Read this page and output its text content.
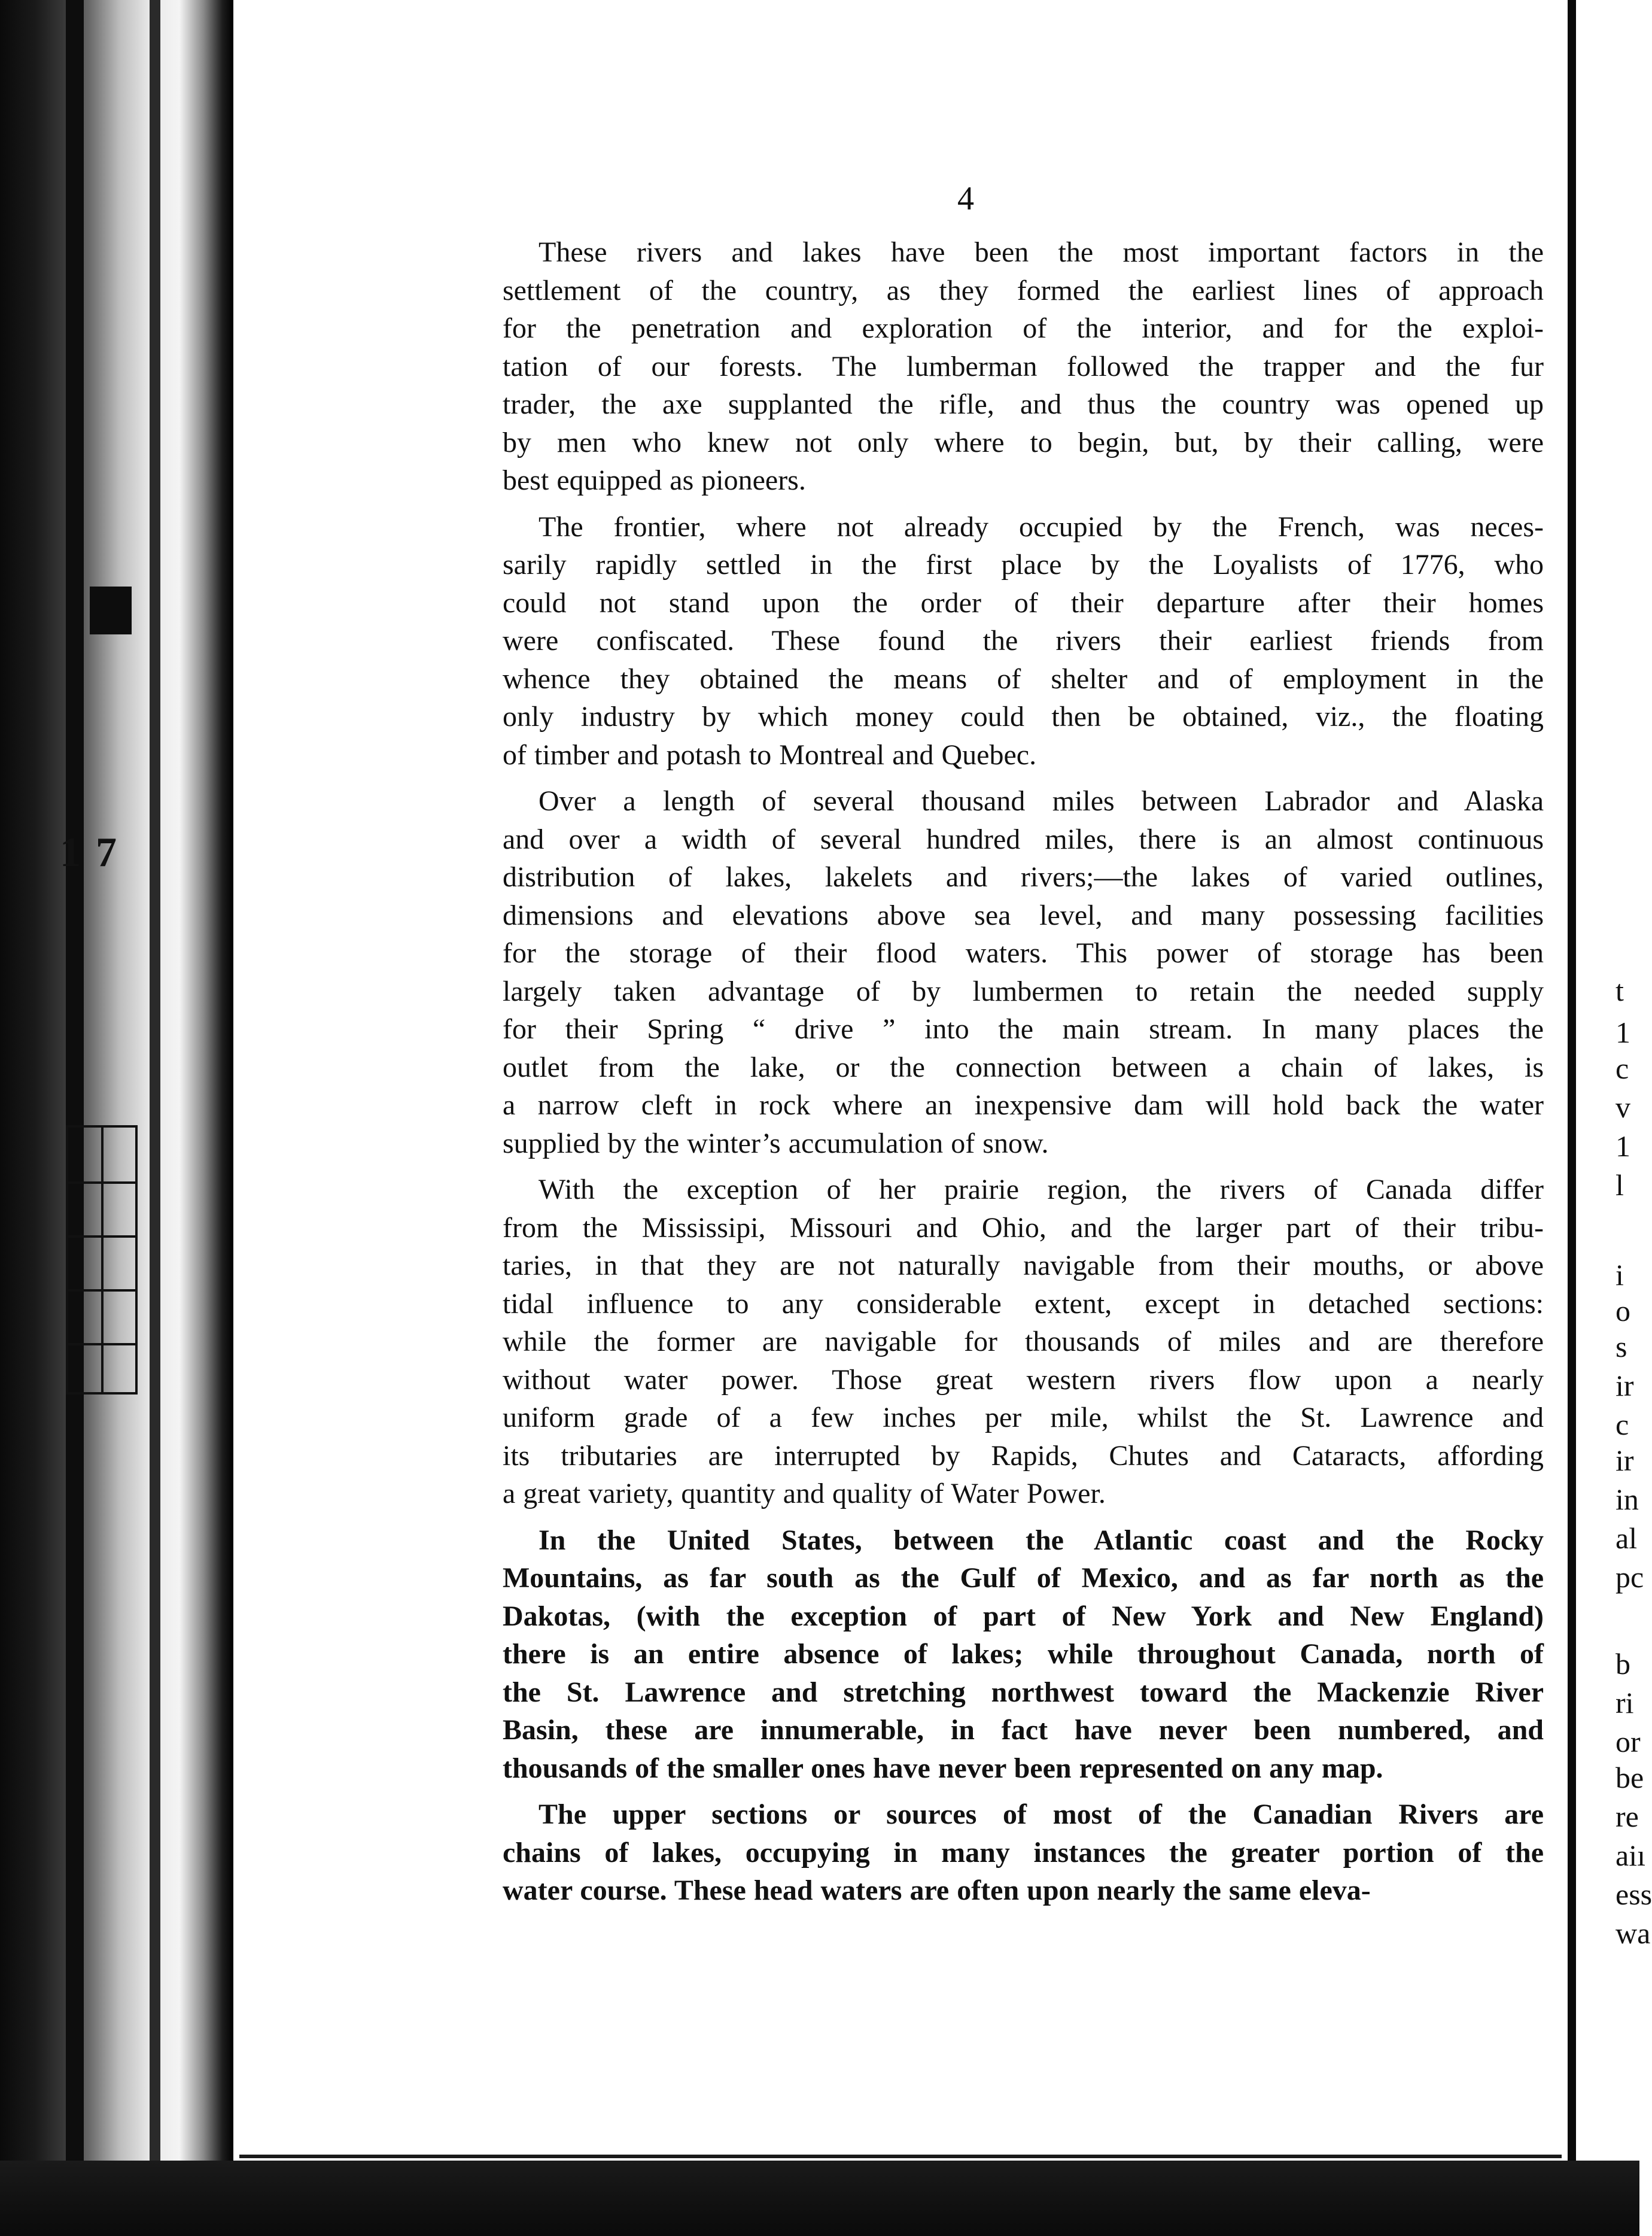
1 7
t
1
c
v
1
l
i
o
s
ir
c
ir
in
al
pc
b
ri
or
be
re
aiı
ess
wa
4
These rivers and lakes have been the most important factors in the
settlement of the country, as they formed the earliest lines of approach
for the penetration and exploration of the interior, and for the exploi-
tation of our forests. The lumberman followed the trapper and the fur
trader, the axe supplanted the rifle, and thus the country was opened up
by men who knew not only where to begin, but, by their calling, were
best equipped as pioneers.
The frontier, where not already occupied by the French, was neces-
sarily rapidly settled in the first place by the Loyalists of 1776, who
could not stand upon the order of their departure after their homes
were confiscated. These found the rivers their earliest friends from
whence they obtained the means of shelter and of employment in the
only industry by which money could then be obtained, viz., the floating
of timber and potash to Montreal and Quebec.
Over a length of several thousand miles between Labrador and Alaska
and over a width of several hundred miles, there is an almost continuous
distribution of lakes, lakelets and rivers;—the lakes of varied outlines,
dimensions and elevations above sea level, and many possessing facilities
for the storage of their flood waters. This power of storage has been
largely taken advantage of by lumbermen to retain the needed supply
for their Spring “ drive ” into the main stream. In many places the
outlet from the lake, or the connection between a chain of lakes, is
a narrow cleft in rock where an inexpensive dam will hold back the water
supplied by the winter’s accumulation of snow.
With the exception of her prairie region, the rivers of Canada differ
from the Mississipi, Missouri and Ohio, and the larger part of their tribu-
taries, in that they are not naturally navigable from their mouths, or above
tidal influence to any considerable extent, except in detached sections:
while the former are navigable for thousands of miles and are therefore
without water power. Those great western rivers flow upon a nearly
uniform grade of a few inches per mile, whilst the St. Lawrence and
its tributaries are interrupted by Rapids, Chutes and Cataracts, affording
a great variety, quantity and quality of Water Power.
In the United States, between the Atlantic coast and the Rocky
Mountains, as far south as the Gulf of Mexico, and as far north as the
Dakotas, (with the exception of part of New York and New England)
there is an entire absence of lakes; while throughout Canada, north of
the St. Lawrence and stretching northwest toward the Mackenzie River
Basin, these are innumerable, in fact have never been numbered, and
thousands of the smaller ones have never been represented on any map.
The upper sections or sources of most of the Canadian Rivers are
chains of lakes, occupying in many instances the greater portion of the
water course. These head waters are often upon nearly the same eleva-
